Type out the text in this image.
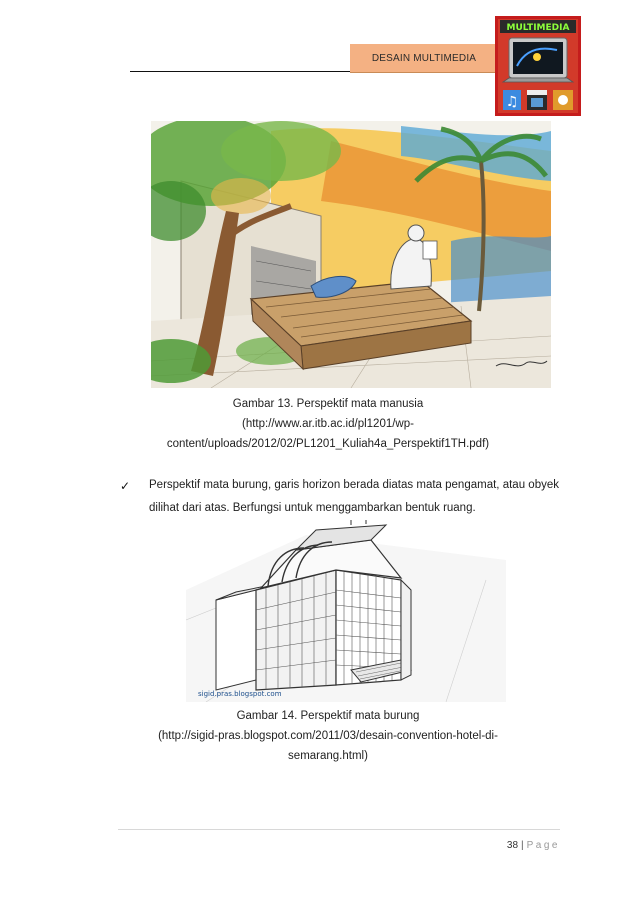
DESAIN MULTIMEDIA
MULTIMEDIA
♫
Gambar 13. Perspektif mata manusia
(http://www.ar.itb.ac.id/pl1201/wp-
content/uploads/2012/02/PL1201_Kuliah4a_Perspektif1TH.pdf)
✓ Perspektif mata burung, garis horizon berada diatas mata pengamat, atau obyek dilihat dari atas. Berfungsi untuk menggambarkan bentuk ruang.
sigid.pras.blogspot.com
Gambar 14. Perspektif mata burung
(http://sigid-pras.blogspot.com/2011/03/desain-convention-hotel-di-
semarang.html)
38 | Page
